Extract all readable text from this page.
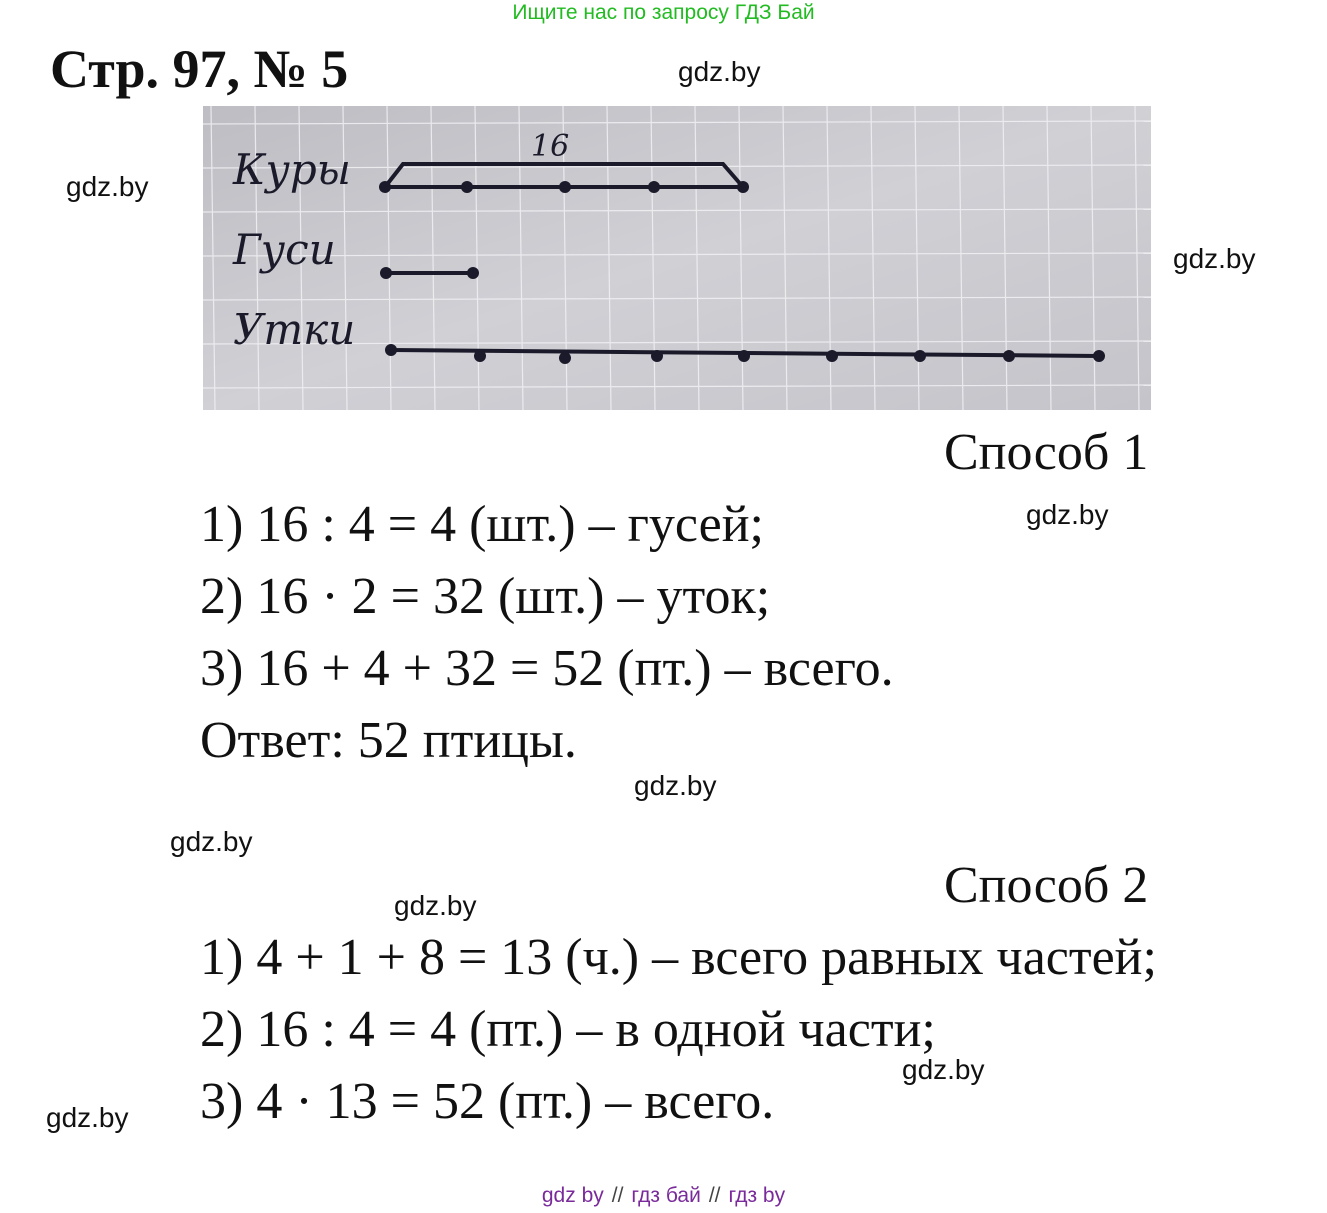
Ищите нас по запросу ГДЗ Бай
Стр. 97, № 5	gdz.by
gdz.by
gdz.by
gdz.by
gdz.by
gdz.by
gdz.by
gdz.by
gdz.by
Куры
Гуси
Утки
16
Способ 1
1) 16 : 4 = 4 (шт.) – гусей;
2) 16 · 2 = 32 (шт.) – уток;
3) 16 + 4 + 32 = 52 (пт.) – всего.
Ответ: 52 птицы.
Способ 2
1) 4 + 1 + 8 = 13 (ч.) – всего равных частей;
2) 16 : 4 = 4 (пт.) – в одной части;
3) 4 · 13 = 52 (пт.) – всего.
gdz by // гдз бай // гдз by
